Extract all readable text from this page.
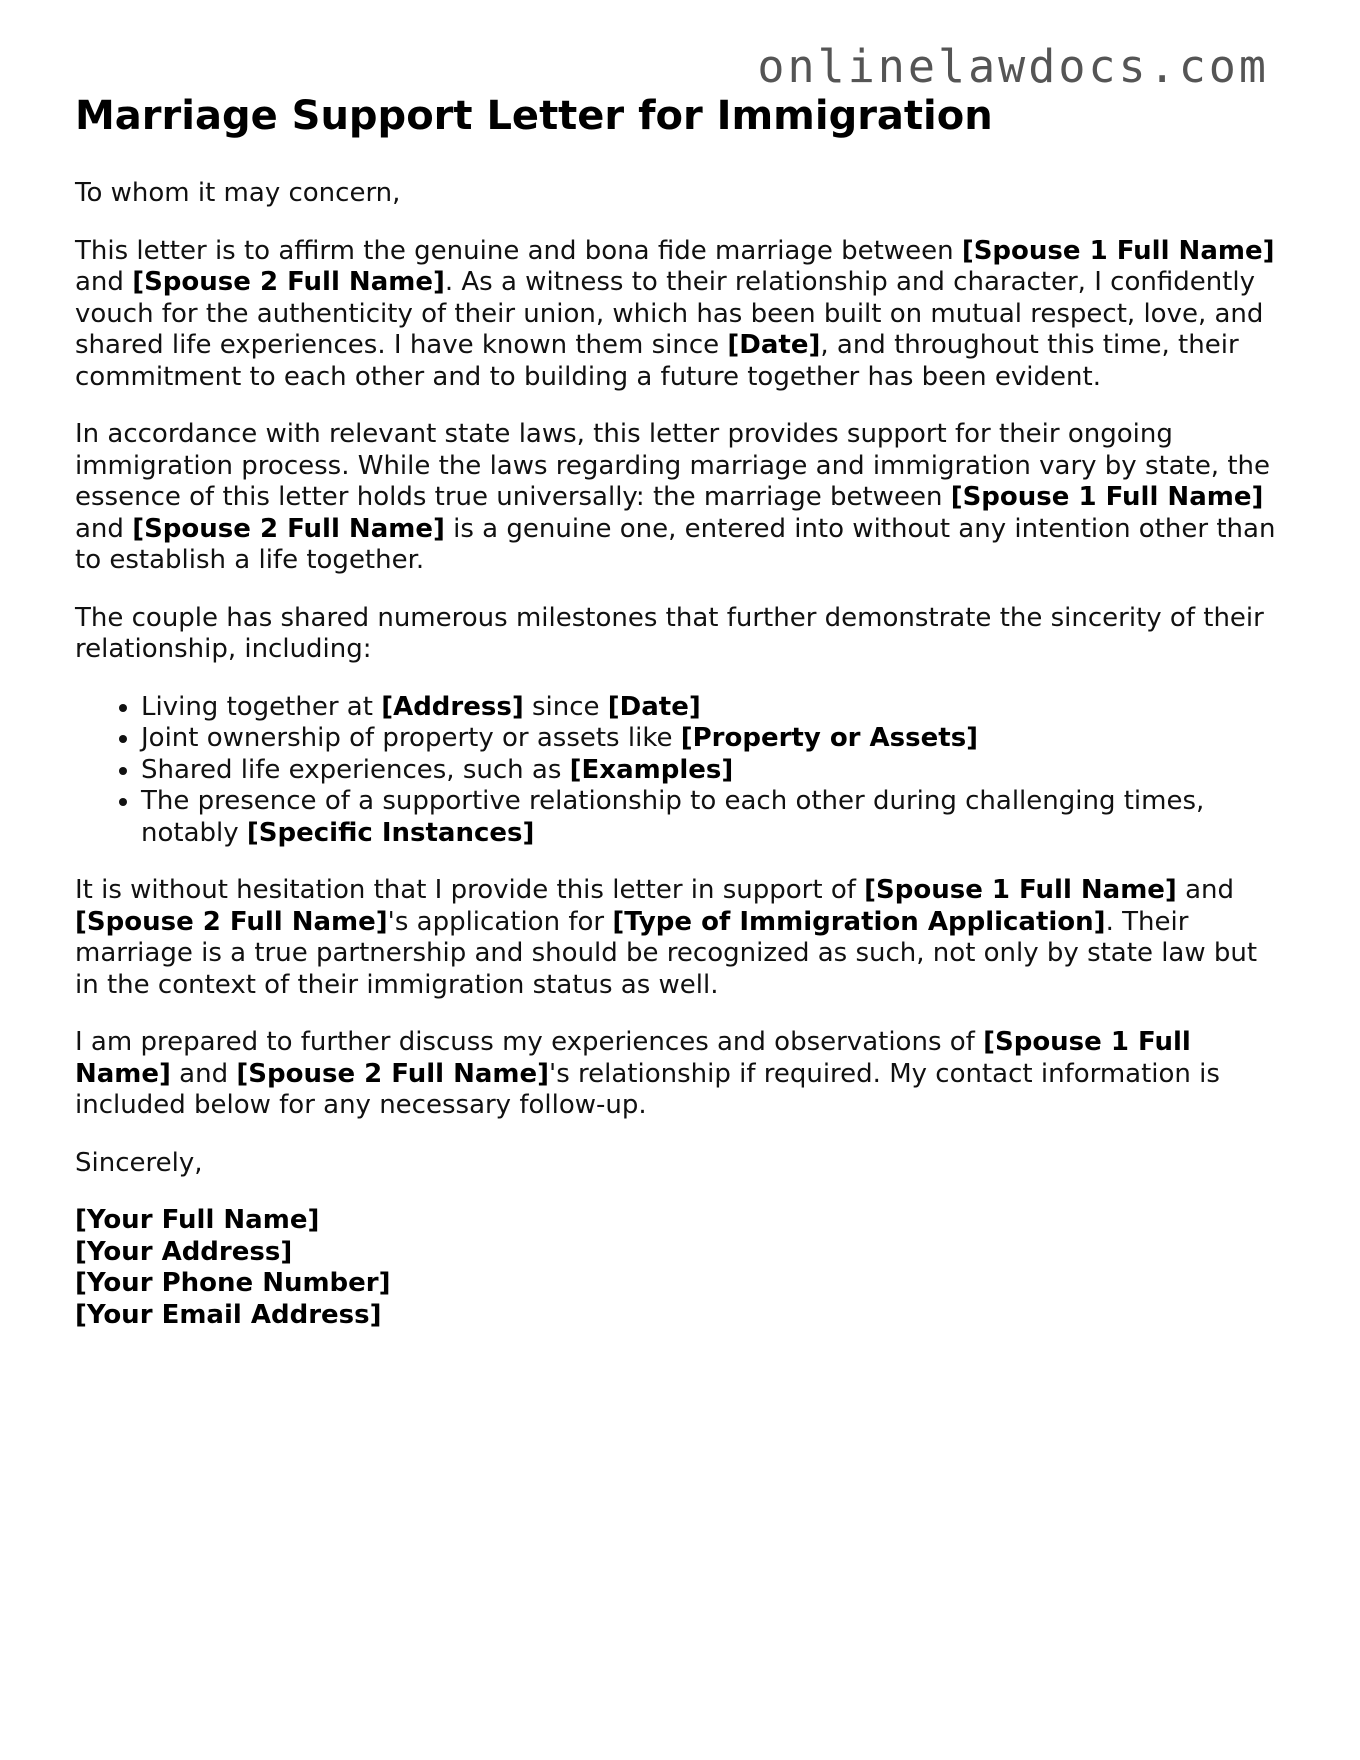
onlinelawdocs.com
Marriage Support Letter for Immigration

To whom it may concern,

This letter is to affirm the genuine and bona fide marriage between [Spouse 1 Full Name] and [Spouse 2 Full Name]. As a witness to their relationship and character, I confidently vouch for the authenticity of their union, which has been built on mutual respect, love, and shared life experiences. I have known them since [Date], and throughout this time, their commitment to each other and to building a future together has been evident.

In accordance with relevant state laws, this letter provides support for their ongoing immigration process. While the laws regarding marriage and immigration vary by state, the essence of this letter holds true universally: the marriage between [Spouse 1 Full Name] and [Spouse 2 Full Name] is a genuine one, entered into without any intention other than to establish a life together.

The couple has shared numerous milestones that further demonstrate the sincerity of their relationship, including:

• Living together at [Address] since [Date]
• Joint ownership of property or assets like [Property or Assets]
• Shared life experiences, such as [Examples]
• The presence of a supportive relationship to each other during challenging times, notably [Specific Instances]

It is without hesitation that I provide this letter in support of [Spouse 1 Full Name] and [Spouse 2 Full Name]'s application for [Type of Immigration Application]. Their marriage is a true partnership and should be recognized as such, not only by state law but in the context of their immigration status as well.

I am prepared to further discuss my experiences and observations of [Spouse 1 Full Name] and [Spouse 2 Full Name]'s relationship if required. My contact information is included below for any necessary follow-up.

Sincerely,

[Your Full Name]
[Your Address]
[Your Phone Number]
[Your Email Address]
